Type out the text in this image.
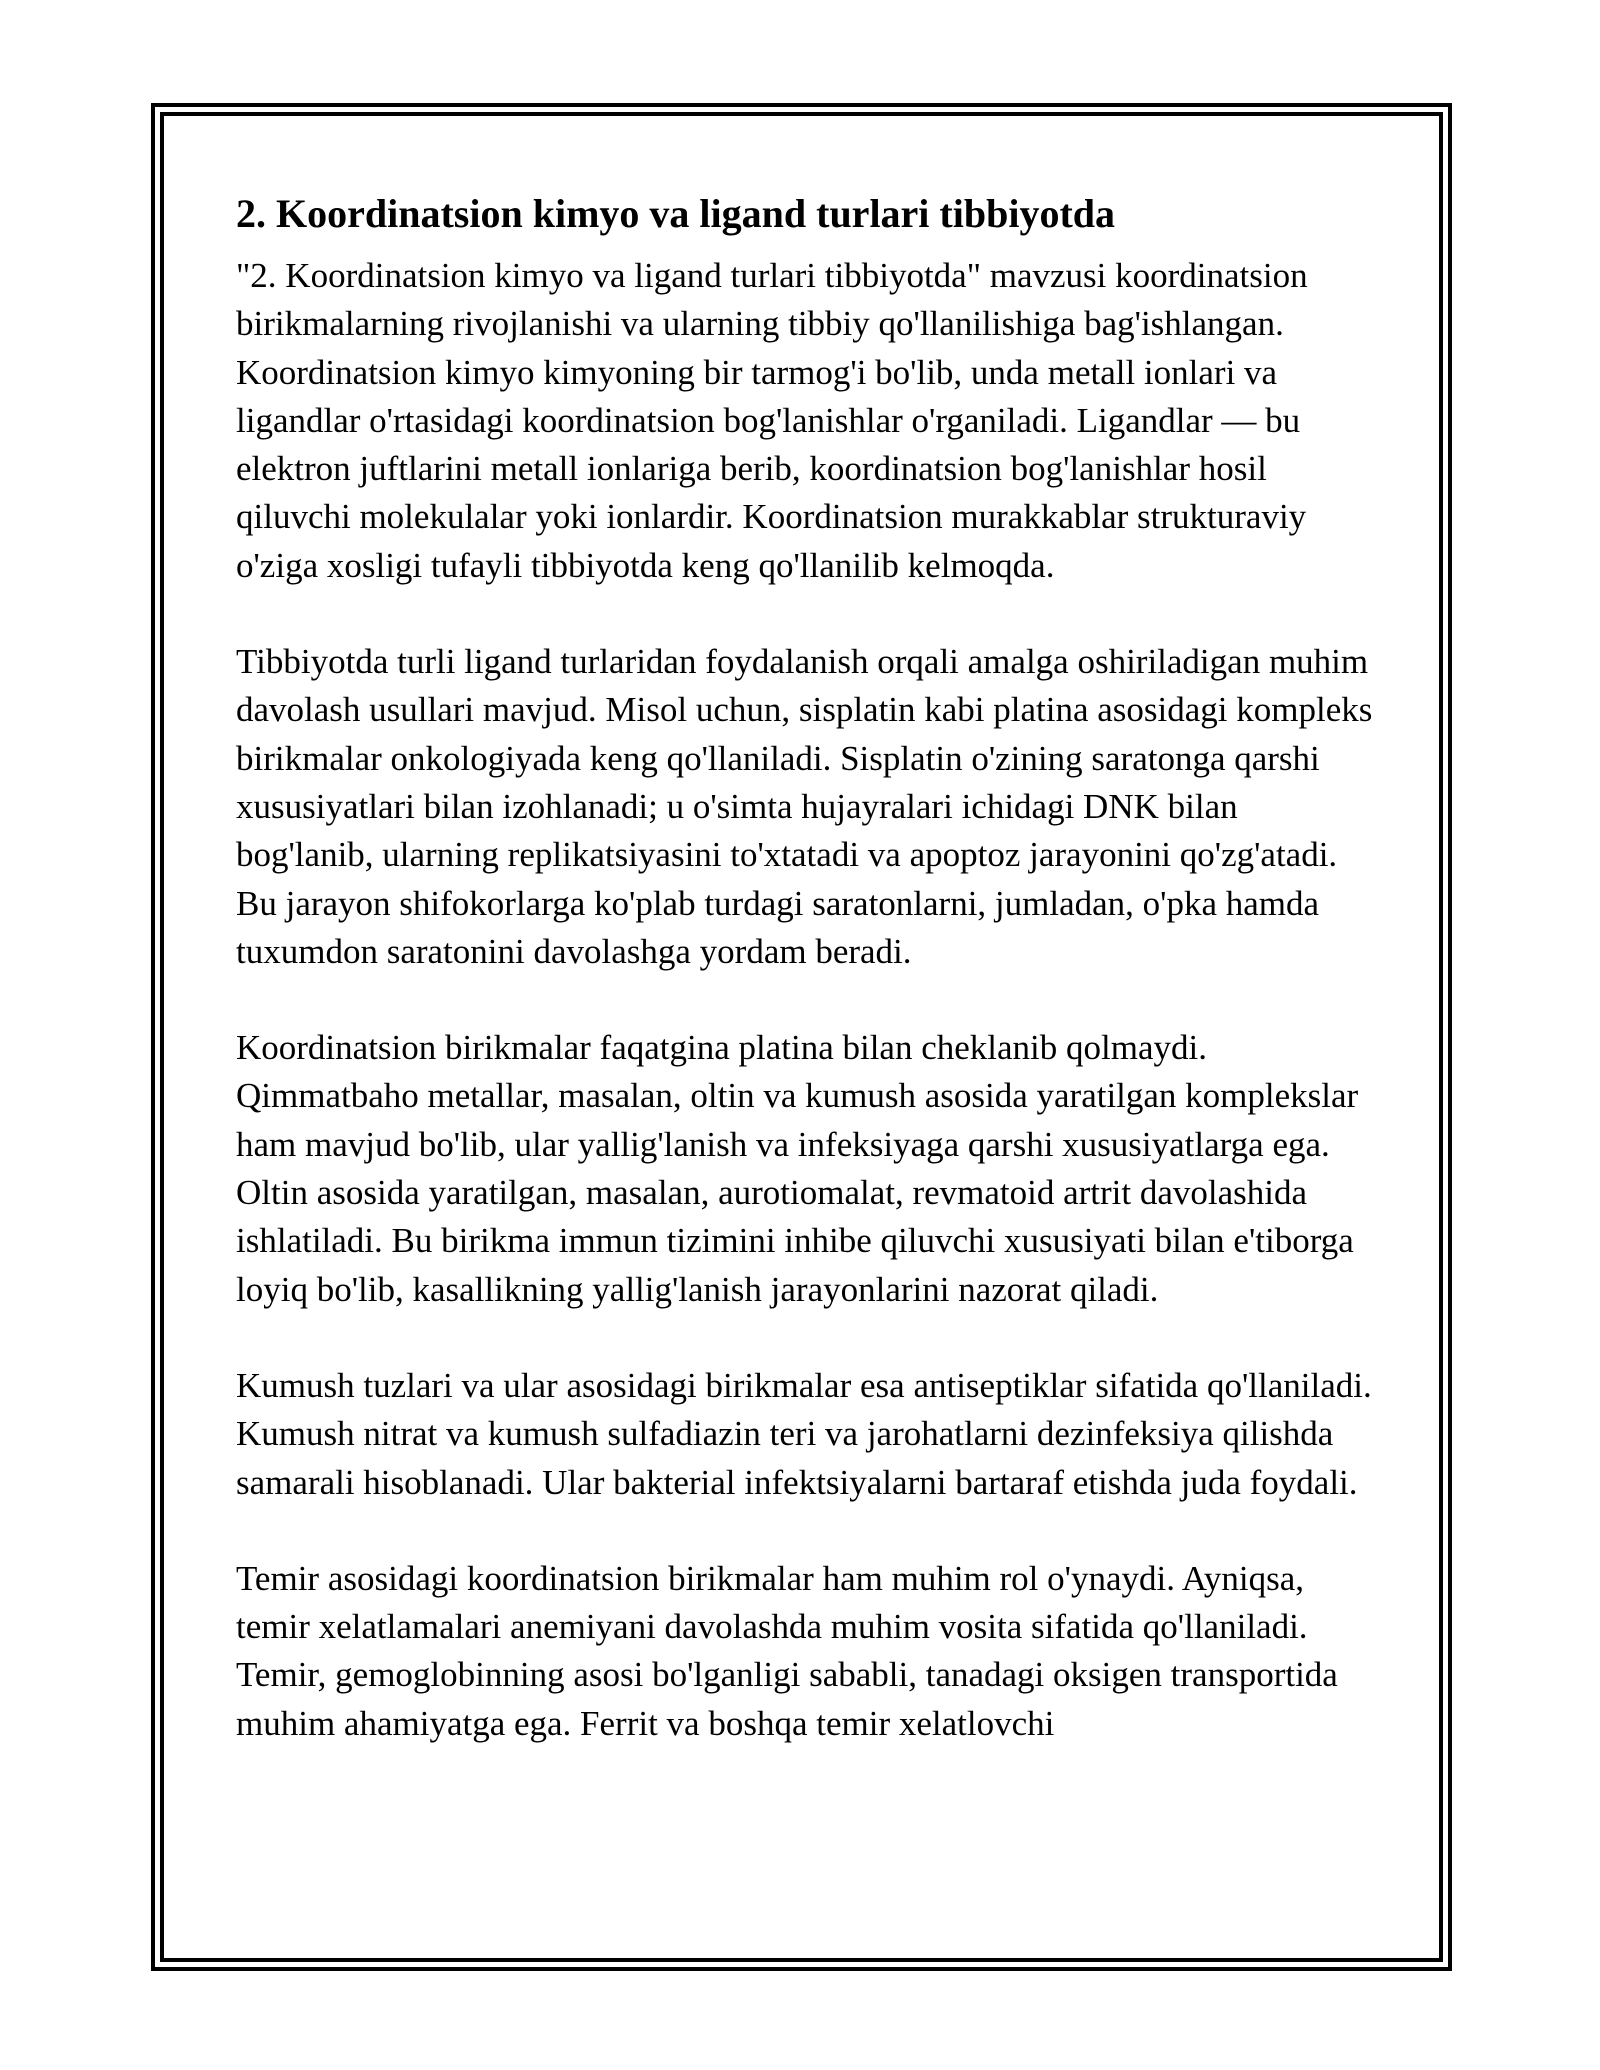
2. Koordinatsion kimyo va ligand turlari tibbiyotda

"2. Koordinatsion kimyo va ligand turlari tibbiyotda" mavzusi koordinatsion birikmalarning rivojlanishi va ularning tibbiy qo'llanilishiga bag'ishlangan. Koordinatsion kimyo kimyoning bir tarmog'i bo'lib, unda metall ionlari va ligandlar o'rtasidagi koordinatsion bog'lanishlar o'rganiladi. Ligandlar — bu elektron juftlarini metall ionlariga berib, koordinatsion bog'lanishlar hosil qiluvchi molekulalar yoki ionlardir. Koordinatsion murakkablar strukturaviy o'ziga xosligi tufayli tibbiyotda keng qo'llanilib kelmoqda.

Tibbiyotda turli ligand turlaridan foydalanish orqali amalga oshiriladigan muhim davolash usullari mavjud. Misol uchun, sisplatin kabi platina asosidagi kompleks birikmalar onkologiyada keng qo'llaniladi. Sisplatin o'zining saratonga qarshi xususiyatlari bilan izohlanadi; u o'simta hujayralari ichidagi DNK bilan bog'lanib, ularning replikatsiyasini to'xtatadi va apoptoz jarayonini qo'zg'atadi. Bu jarayon shifokorlarga ko'plab turdagi saratonlarni, jumladan, o'pka hamda tuxumdon saratonini davolashga yordam beradi.

Koordinatsion birikmalar faqatgina platina bilan cheklanib qolmaydi. Qimmatbaho metallar, masalan, oltin va kumush asosida yaratilgan komplekslar ham mavjud bo'lib, ular yallig'lanish va infeksiyaga qarshi xususiyatlarga ega. Oltin asosida yaratilgan, masalan, aurotiomalat, revmatoid artrit davolashida ishlatiladi. Bu birikma immun tizimini inhibe qiluvchi xususiyati bilan e'tiborga loyiq bo'lib, kasallikning yallig'lanish jarayonlarini nazorat qiladi.

Kumush tuzlari va ular asosidagi birikmalar esa antiseptiklar sifatida qo'llaniladi. Kumush nitrat va kumush sulfadiazin teri va jarohatlarni dezinfeksiya qilishda samarali hisoblanadi. Ular bakterial infektsiyalarni bartaraf etishda juda foydali.

Temir asosidagi koordinatsion birikmalar ham muhim rol o'ynaydi. Ayniqsa, temir xelatlamalari anemiyani davolashda muhim vosita sifatida qo'llaniladi. Temir, gemoglobinning asosi bo'lganligi sababli, tanadagi oksigen transportida muhim ahamiyatga ega. Ferrit va boshqa temir xelatlovchi
